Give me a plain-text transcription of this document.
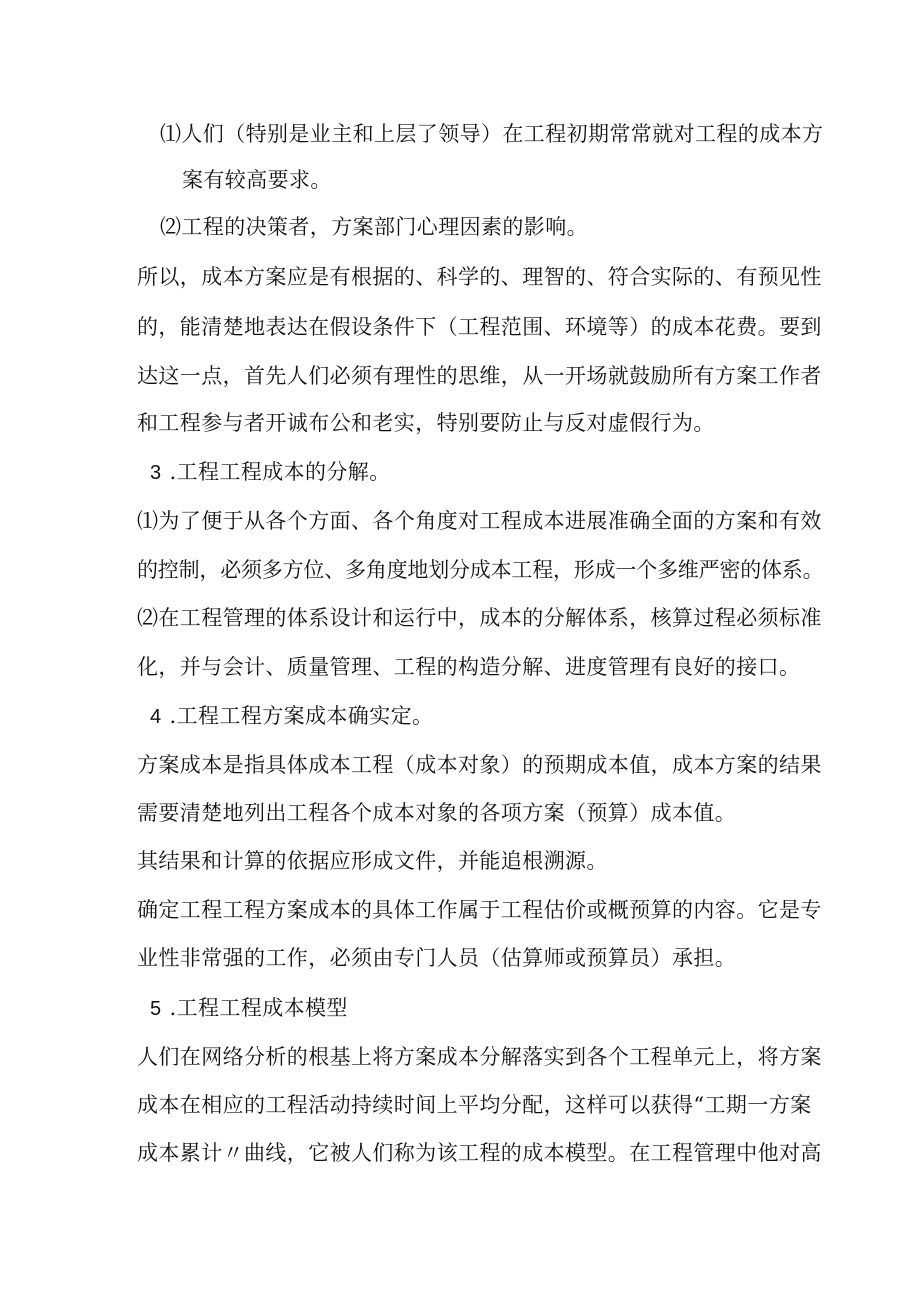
⑴人们（特别是业主和上层了领导）在工程初期常常就对工程的成本方
案有较高要求。
⑵工程的决策者，方案部门心理因素的影响。
所以，成本方案应是有根据的、科学的、理智的、符合实际的、有预见性
的，能清楚地表达在假设条件下（工程范围、环境等）的成本花费。要到
达这一点，首先人们必须有理性的思维，从一开场就鼓励所有方案工作者
和工程参与者开诚布公和老实，特别要防止与反对虚假行为。
3 .工程工程成本的分解。
⑴为了便于从各个方面、各个角度对工程成本进展准确全面的方案和有效
的控制，必须多方位、多角度地划分成本工程，形成一个多维严密的体系。
⑵在工程管理的体系设计和运行中，成本的分解体系，核算过程必须标准
化，并与会计、质量管理、工程的构造分解、进度管理有良好的接口。
4 .工程工程方案成本确实定。
方案成本是指具体成本工程（成本对象）的预期成本值，成本方案的结果
需要清楚地列出工程各个成本对象的各项方案（预算）成本值。
其结果和计算的依据应形成文件，并能追根溯源。
确定工程工程方案成本的具体工作属于工程估价或概预算的内容。它是专
业性非常强的工作，必须由专门人员（估算师或预算员）承担。
5 .工程工程成本模型
人们在网络分析的根基上将方案成本分解落实到各个工程单元上，将方案
成本在相应的工程活动持续时间上平均分配，这样可以获得“工期一方案
成本累计〃曲线，它被人们称为该工程的成本模型。在工程管理中他对高
